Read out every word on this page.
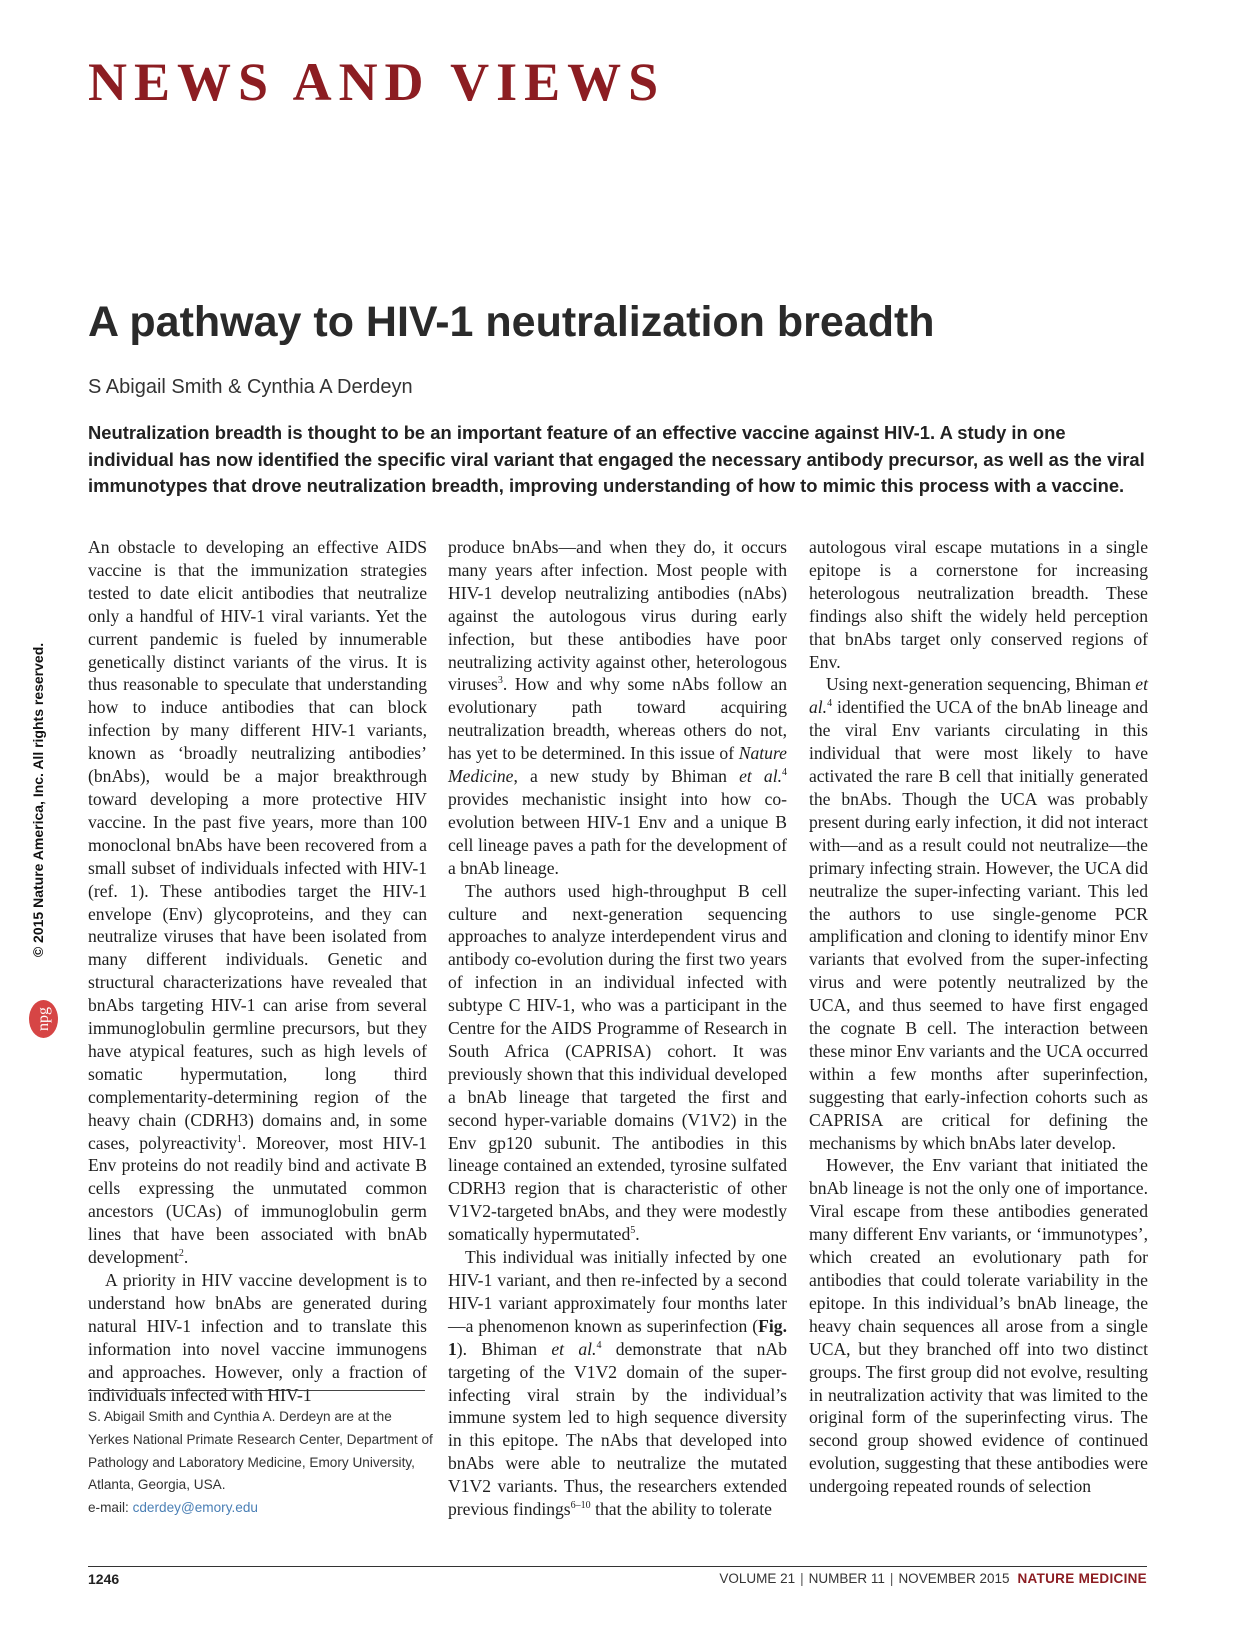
NEWS AND VIEWS
A pathway to HIV-1 neutralization breadth
S Abigail Smith & Cynthia A Derdeyn

Neutralization breadth is thought to be an important feature of an effective vaccine against HIV-1. A study in one individual has now identified the specific viral variant that engaged the necessary antibody precursor, as well as the viral immunotypes that drove neutralization breadth, improving understanding of how to mimic this process with a vaccine.

© 2015 Nature America, Inc. All rights reserved.
npg

An obstacle to developing an effective AIDS vaccine is that the immunization strategies tested to date elicit antibodies that neutralize only a handful of HIV-1 viral variants. Yet the current pandemic is fueled by innumerable genetically distinct variants of the virus. It is thus reasonable to speculate that understanding how to induce antibodies that can block infection by many different HIV-1 variants, known as ‘broadly neutralizing antibodies’ (bnAbs), would be a major breakthrough toward developing a more protective HIV vaccine. In the past five years, more than 100 monoclonal bnAbs have been recovered from a small subset of individuals infected with HIV-1 (ref. 1). These antibodies target the HIV-1 envelope (Env) glycoproteins, and they can neutralize viruses that have been isolated from many different individuals. Genetic and structural characterizations have revealed that bnAbs targeting HIV-1 can arise from several immunoglobulin germline precursors, but they have atypical features, such as high levels of somatic hypermutation, long third complementarity-determining region of the heavy chain (CDRH3) domains and, in some cases, polyreactivity$^1$. Moreover, most HIV-1 Env proteins do not readily bind and activate B cells expressing the unmutated common ancestors (UCAs) of immunoglobulin germ lines that have been associated with bnAb development$^2$.

A priority in HIV vaccine development is to understand how bnAbs are generated during natural HIV-1 infection and to translate this information into novel vaccine immunogens and approaches. However, only a fraction of individuals infected with HIV-1

S. Abigail Smith and Cynthia A. Derdeyn are at the Yerkes National Primate Research Center, Department of Pathology and Laboratory Medicine, Emory University, Atlanta, Georgia, USA.
e-mail: cderdey@emory.edu

produce bnAbs—and when they do, it occurs many years after infection. Most people with HIV-1 develop neutralizing antibodies (nAbs) against the autologous virus during early infection, but these antibodies have poor neutralizing activity against other, heterologous viruses$^3$. How and why some nAbs follow an evolutionary path toward acquiring neutralization breadth, whereas others do not, has yet to be determined. In this issue of Nature Medicine, a new study by Bhiman et al.$^4$ provides mechanistic insight into how co-evolution between HIV-1 Env and a unique B cell lineage paves a path for the development of a bnAb lineage.

The authors used high-throughput B cell culture and next-generation sequencing approaches to analyze interdependent virus and antibody co-evolution during the first two years of infection in an individual infected with subtype C HIV-1, who was a participant in the Centre for the AIDS Programme of Research in South Africa (CAPRISA) cohort. It was previously shown that this individual developed a bnAb lineage that targeted the first and second hyper-variable domains (V1V2) in the Env gp120 subunit. The antibodies in this lineage contained an extended, tyrosine sulfated CDRH3 region that is characteristic of other V1V2-targeted bnAbs, and they were modestly somatically hypermutated$^5$.

This individual was initially infected by one HIV-1 variant, and then re-infected by a second HIV-1 variant approximately four months later—a phenomenon known as superinfection (Fig. 1). Bhiman et al.$^4$ demonstrate that nAb targeting of the V1V2 domain of the super-infecting viral strain by the individual’s immune system led to high sequence diversity in this epitope. The nAbs that developed into bnAbs were able to neutralize the mutated V1V2 variants. Thus, the researchers extended previous findings$^{6-10}$ that the ability to tolerate

autologous viral escape mutations in a single epitope is a cornerstone for increasing heterologous neutralization breadth. These findings also shift the widely held perception that bnAbs target only conserved regions of Env.

Using next-generation sequencing, Bhiman et al.$^4$ identified the UCA of the bnAb lineage and the viral Env variants circulating in this individual that were most likely to have activated the rare B cell that initially generated the bnAbs. Though the UCA was probably present during early infection, it did not interact with—and as a result could not neutralize—the primary infecting strain. However, the UCA did neutralize the super-infecting variant. This led the authors to use single-genome PCR amplification and cloning to identify minor Env variants that evolved from the super-infecting virus and were potently neutralized by the UCA, and thus seemed to have first engaged the cognate B cell. The interaction between these minor Env variants and the UCA occurred within a few months after superinfection, suggesting that early-infection cohorts such as CAPRISA are critical for defining the mechanisms by which bnAbs later develop.

However, the Env variant that initiated the bnAb lineage is not the only one of importance. Viral escape from these antibodies generated many different Env variants, or ‘immunotypes’, which created an evolutionary path for antibodies that could tolerate variability in the epitope. In this individual’s bnAb lineage, the heavy chain sequences all arose from a single UCA, but they branched off into two distinct groups. The first group did not evolve, resulting in neutralization activity that was limited to the original form of the superinfecting virus. The second group showed evidence of continued evolution, suggesting that these antibodies were undergoing repeated rounds of selection

1246	VOLUME 21 | NUMBER 11 | NOVEMBER 2015 NATURE MEDICINE
